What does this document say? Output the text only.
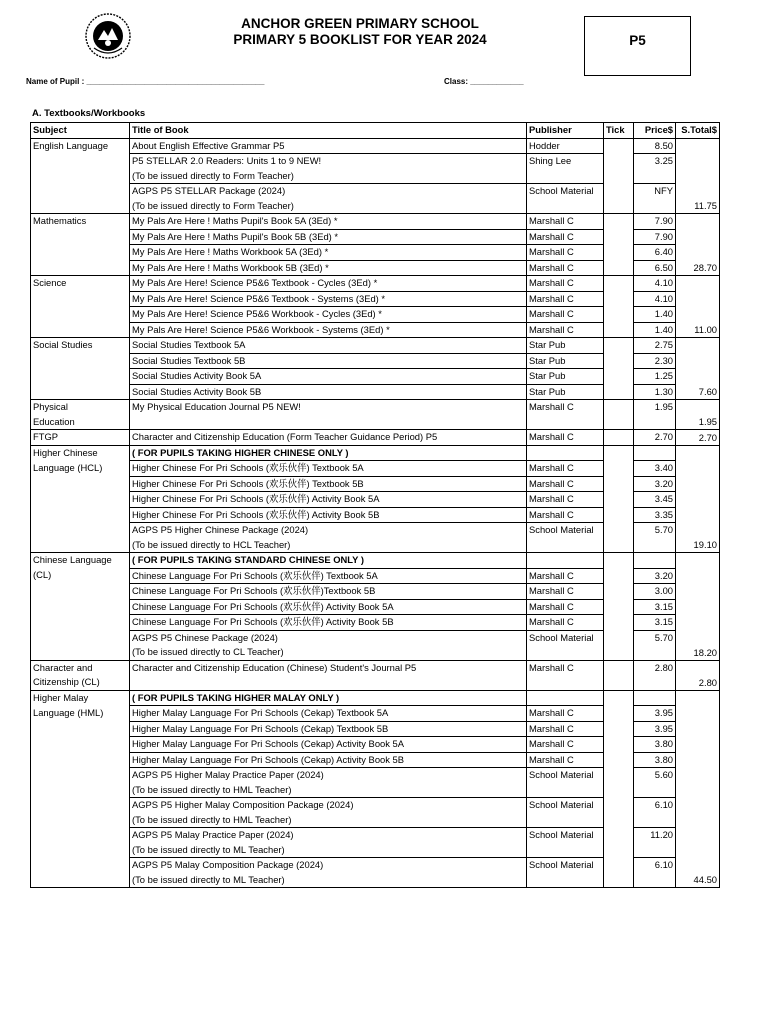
ANCHOR GREEN PRIMARY SCHOOL
PRIMARY 5 BOOKLIST FOR YEAR 2024	P5
Name of Pupil : ________________________________________	Class: ____________
A. Textbooks/Workbooks
Subject	Title of Book	Publisher	Tick	Price$	S.Total$
English Language	About English Effective Grammar P5	Hodder		8.50	
	P5 STELLAR 2.0 Readers: Units 1 to 9 NEW!	Shing Lee		3.25	
	(To be issued directly to Form Teacher)				
	AGPS P5 STELLAR Package (2024)	School Material		NFY	
	(To be issued directly to Form Teacher)				11.75
Mathematics	My Pals Are Here ! Maths Pupil's Book 5A (3Ed) *	Marshall C		7.90	
	My Pals Are Here ! Maths Pupil's Book 5B (3Ed) *	Marshall C		7.90	
	My Pals Are Here ! Maths Workbook 5A (3Ed) *	Marshall C		6.40	
	My Pals Are Here ! Maths Workbook 5B (3Ed) *	Marshall C		6.50	28.70
Science	My Pals Are Here! Science P5&6 Textbook - Cycles (3Ed) *	Marshall C		4.10	
	My Pals Are Here! Science P5&6 Textbook - Systems (3Ed) *	Marshall C		4.10	
	My Pals Are Here! Science P5&6 Workbook - Cycles (3Ed) *	Marshall C		1.40	
	My Pals Are Here! Science P5&6 Workbook - Systems (3Ed) *	Marshall C		1.40	11.00
Social Studies	Social Studies Textbook 5A	Star Pub		2.75	
	Social Studies Textbook 5B	Star Pub		2.30	
	Social Studies Activity Book 5A	Star Pub		1.25	
	Social Studies Activity Book 5B	Star Pub		1.30	7.60
Physical	My Physical Education Journal P5 NEW!	Marshall C		1.95	
Education					1.95
FTGP	Character and Citizenship Education (Form Teacher Guidance Period) P5	Marshall C		2.70	2.70
Higher Chinese	( FOR PUPILS TAKING HIGHER CHINESE ONLY )				
Language (HCL)	Higher Chinese For Pri Schools (欢乐伙伴) Textbook 5A	Marshall C		3.40	
	Higher Chinese For Pri Schools (欢乐伙伴) Textbook 5B	Marshall C		3.20	
	Higher Chinese For Pri Schools (欢乐伙伴) Activity Book 5A	Marshall C		3.45	
	Higher Chinese For Pri Schools (欢乐伙伴) Activity Book 5B	Marshall C		3.35	
	AGPS P5 Higher Chinese Package (2024)	School Material		5.70	
	(To be issued directly to HCL Teacher)				19.10
Chinese Language	( FOR PUPILS TAKING STANDARD CHINESE ONLY )				
(CL)	Chinese Language For Pri Schools (欢乐伙伴) Textbook 5A	Marshall C		3.20	
	Chinese Language For Pri Schools (欢乐伙伴)Textbook 5B	Marshall C		3.00	
	Chinese Language For Pri Schools (欢乐伙伴) Activity Book 5A	Marshall C		3.15	
	Chinese Language For Pri Schools (欢乐伙伴) Activity Book 5B	Marshall C		3.15	
	AGPS P5 Chinese Package (2024)	School Material		5.70	
	(To be issued directly to CL Teacher)				18.20
Character and	Character and Citizenship Education (Chinese) Student's Journal P5	Marshall C		2.80	
Citizenship (CL)					2.80
Higher Malay	( FOR PUPILS TAKING HIGHER MALAY ONLY )				
Language (HML)	Higher Malay Language For Pri Schools (Cekap) Textbook 5A	Marshall C		3.95	
	Higher Malay Language For Pri Schools (Cekap) Textbook 5B	Marshall C		3.95	
	Higher Malay Language For Pri Schools (Cekap) Activity Book 5A	Marshall C		3.80	
	Higher Malay Language For Pri Schools (Cekap) Activity Book 5B	Marshall C		3.80	
	AGPS P5 Higher Malay Practice Paper (2024)	School Material		5.60	
	(To be issued directly to HML Teacher)				
	AGPS P5 Higher Malay Composition Package (2024)	School Material		6.10	
	(To be issued directly to HML Teacher)				
	AGPS P5 Malay Practice Paper (2024)	School Material		11.20	
	(To be issued directly to ML Teacher)				
	AGPS P5 Malay Composition Package (2024)	School Material		6.10	
	(To be issued directly to ML Teacher)				44.50
